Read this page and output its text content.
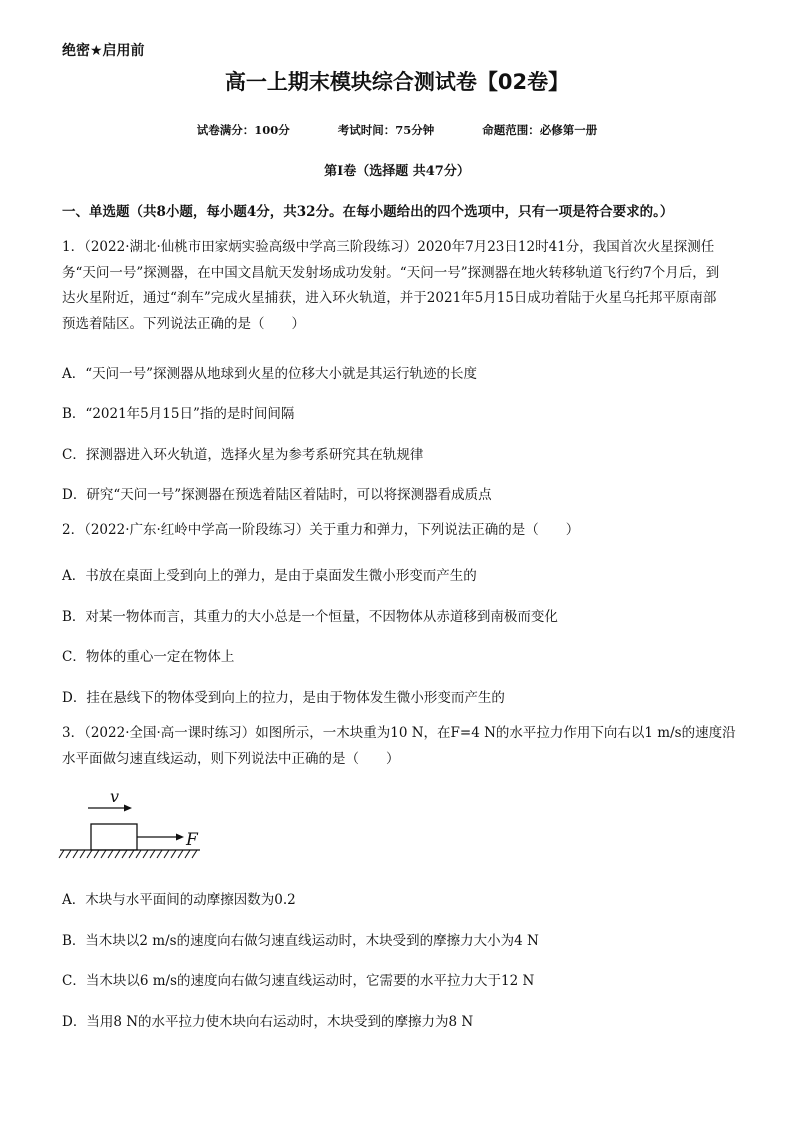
绝密★启用前
高一上期末模块综合测试卷【02卷】
试卷满分：100分	考试时间：75分钟	命题范围：必修第一册
第Ⅰ卷（选择题 共47分）
一、单选题（共8小题，每小题4分，共32分。在每小题给出的四个选项中，只有一项是符合要求的。）
1．（2022·湖北·仙桃市田家炳实验高级中学高三阶段练习）2020年7月23日12时41分，我国首次火星探测任
务“天问一号”探测器，在中国文昌航天发射场成功发射。“天问一号”探测器在地火转移轨道飞行约7个月后，到
达火星附近，通过“刹车”完成火星捕获，进入环火轨道，并于2021年5月15日成功着陆于火星乌托邦平原南部
预选着陆区。下列说法正确的是（　　）
A．“天问一号”探测器从地球到火星的位移大小就是其运行轨迹的长度
B．“2021年5月15日”指的是时间间隔
C．探测器进入环火轨道，选择火星为参考系研究其在轨规律
D．研究“天问一号”探测器在预选着陆区着陆时，可以将探测器看成质点
2．（2022·广东·红岭中学高一阶段练习）关于重力和弹力，下列说法正确的是（　　）
A．书放在桌面上受到向上的弹力，是由于桌面发生微小形变而产生的
B．对某一物体而言，其重力的大小总是一个恒量，不因物体从赤道移到南极而变化
C．物体的重心一定在物体上
D．挂在悬线下的物体受到向上的拉力，是由于物体发生微小形变而产生的
3．（2022·全国·高一课时练习）如图所示，一木块重为10 N，在F=4 N的水平拉力作用下向右以1 m/s的速度沿
水平面做匀速直线运动，则下列说法中正确的是（　　）
v
F
A．木块与水平面间的动摩擦因数为0.2
B．当木块以2 m/s的速度向右做匀速直线运动时，木块受到的摩擦力大小为4 N
C．当木块以6 m/s的速度向右做匀速直线运动时，它需要的水平拉力大于12 N
D．当用8 N的水平拉力使木块向右运动时，木块受到的摩擦力为8 N
